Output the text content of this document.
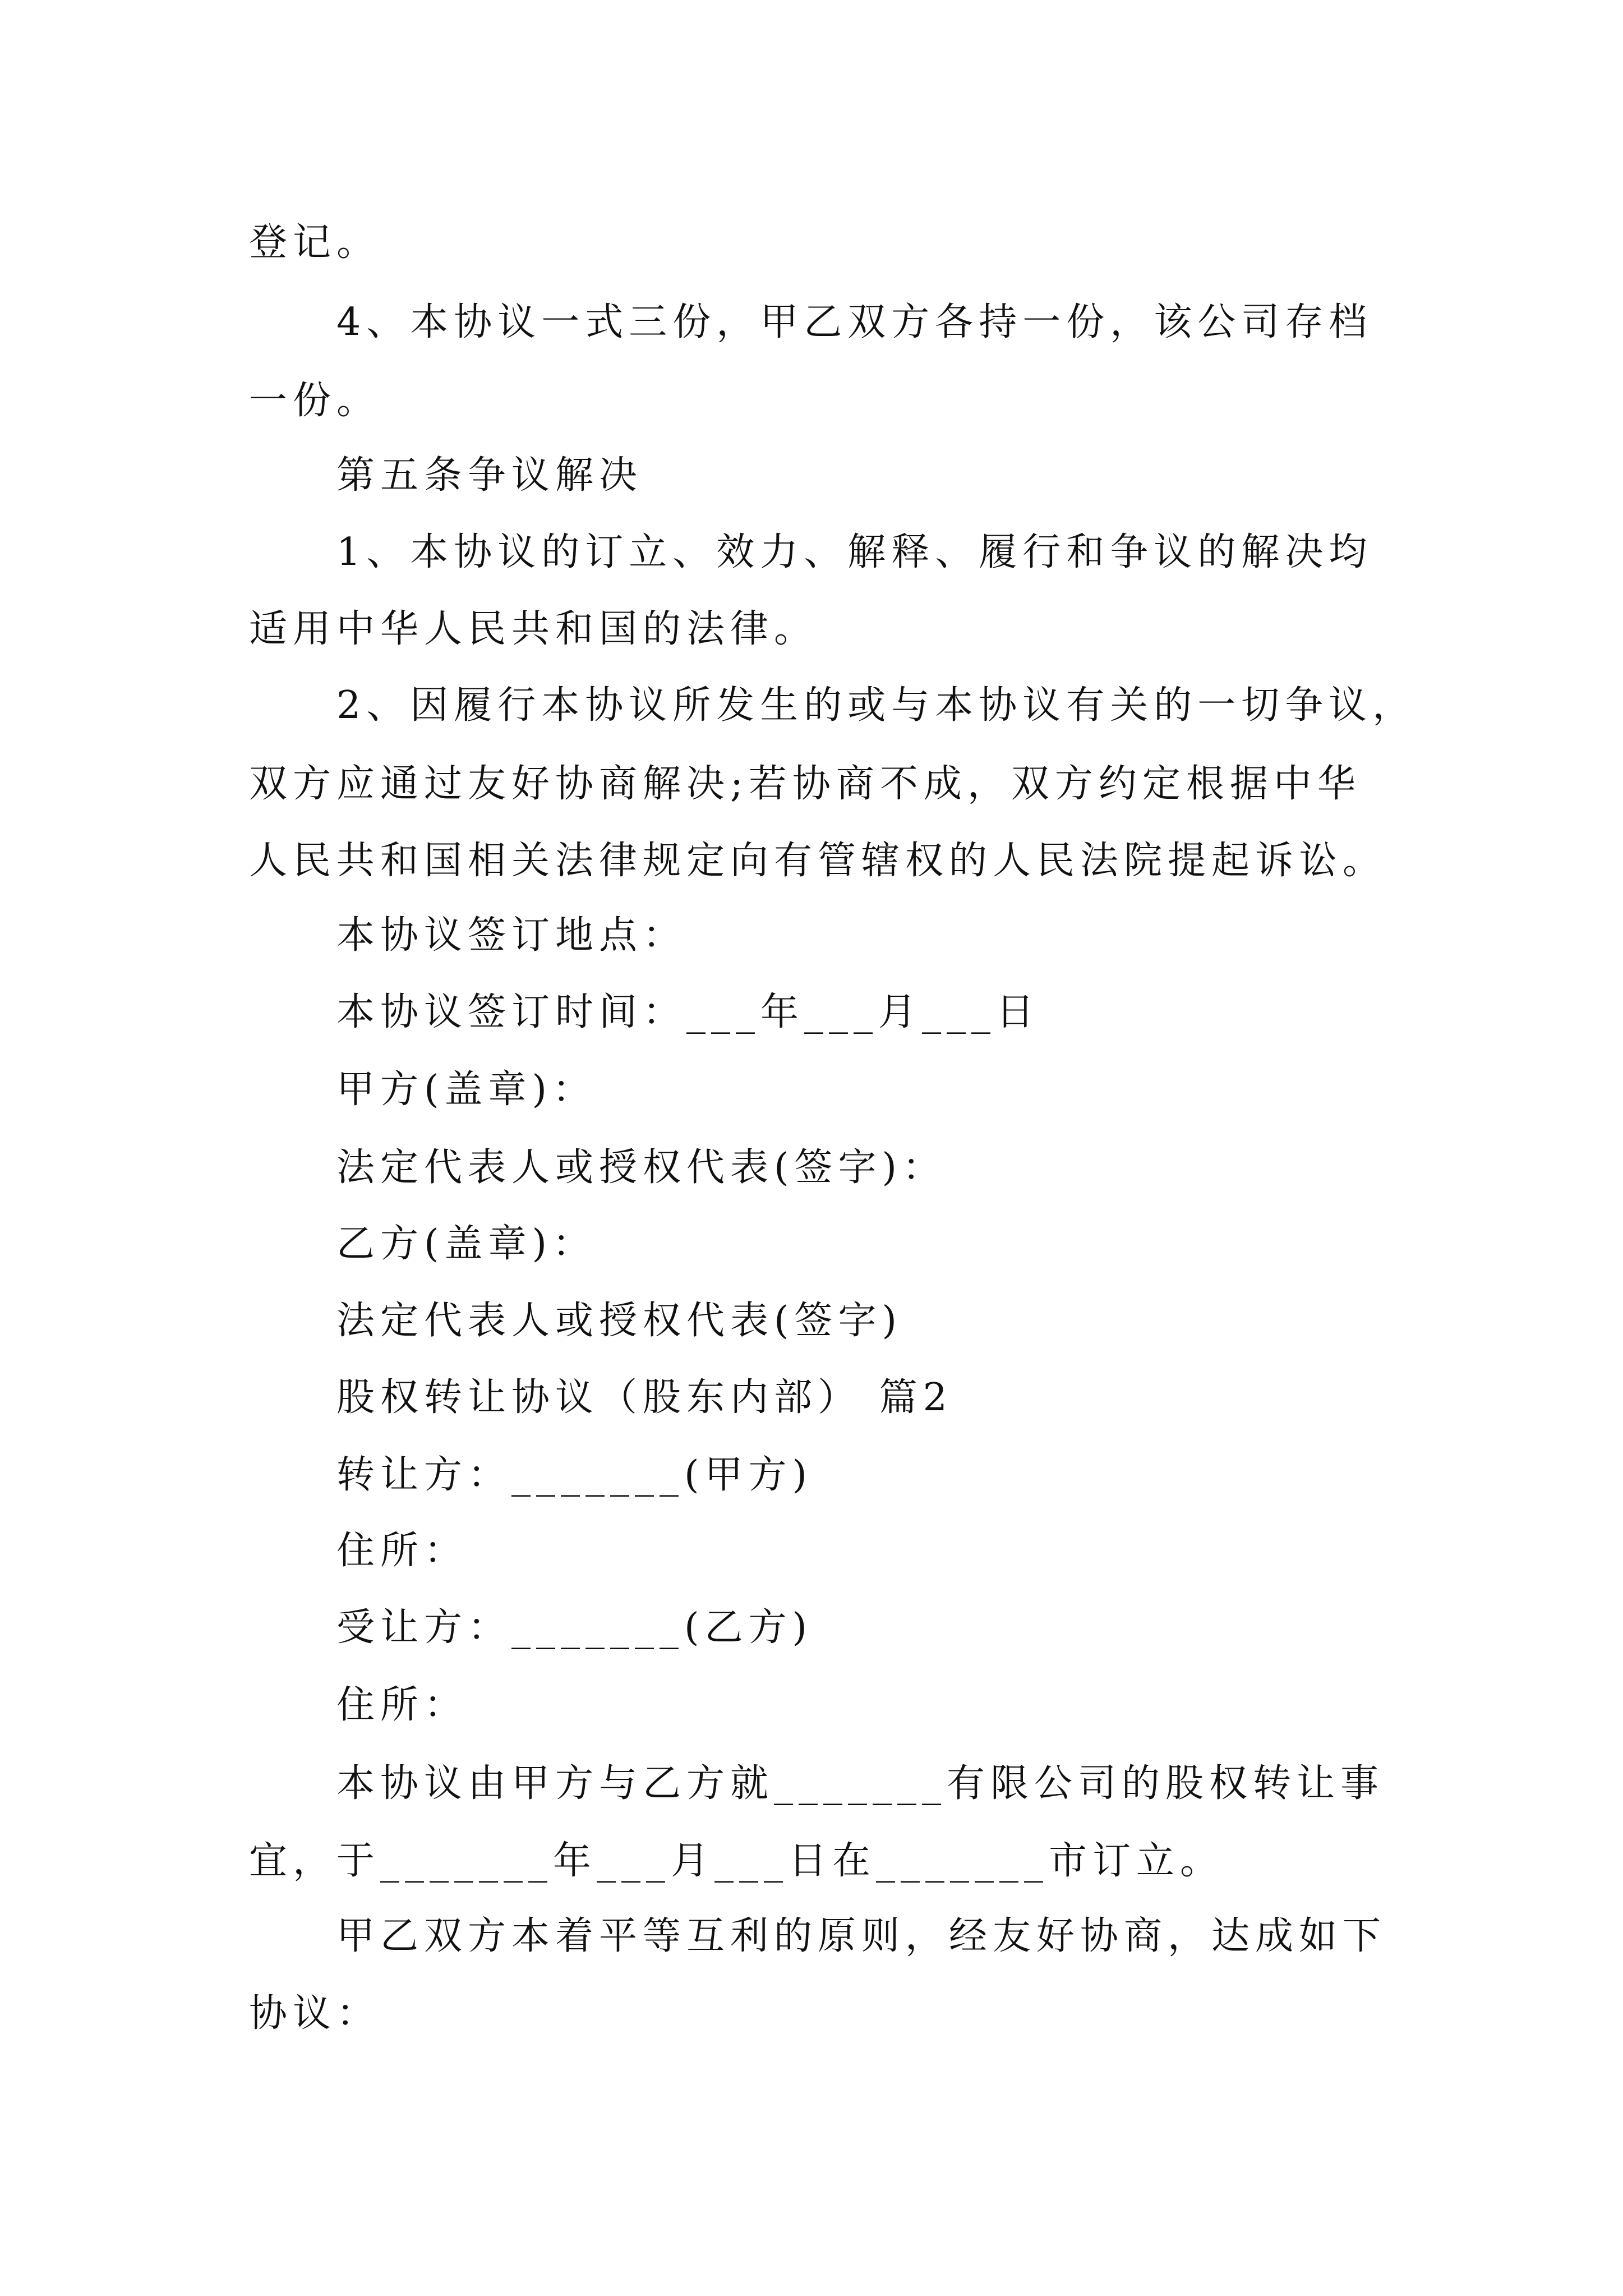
登记。
4、本协议一式三份，甲乙双方各持一份，该公司存档
一份。
第五条争议解决
1、本协议的订立、效力、解释、履行和争议的解决均
适用中华人民共和国的法律。
2、因履行本协议所发生的或与本协议有关的一切争议，
双方应通过友好协商解决;若协商不成，双方约定根据中华
人民共和国相关法律规定向有管辖权的人民法院提起诉讼。
本协议签订地点：
本协议签订时间：___年___月___日
甲方(盖章)：
法定代表人或授权代表(签字)：
乙方(盖章)：
法定代表人或授权代表(签字)
股权转让协议（股东内部） 篇2
转让方：_______(甲方)
住所：
受让方：_______(乙方)
住所：
本协议由甲方与乙方就_______有限公司的股权转让事
宜，于_______年___月___日在_______市订立。
甲乙双方本着平等互利的原则，经友好协商，达成如下
协议：
